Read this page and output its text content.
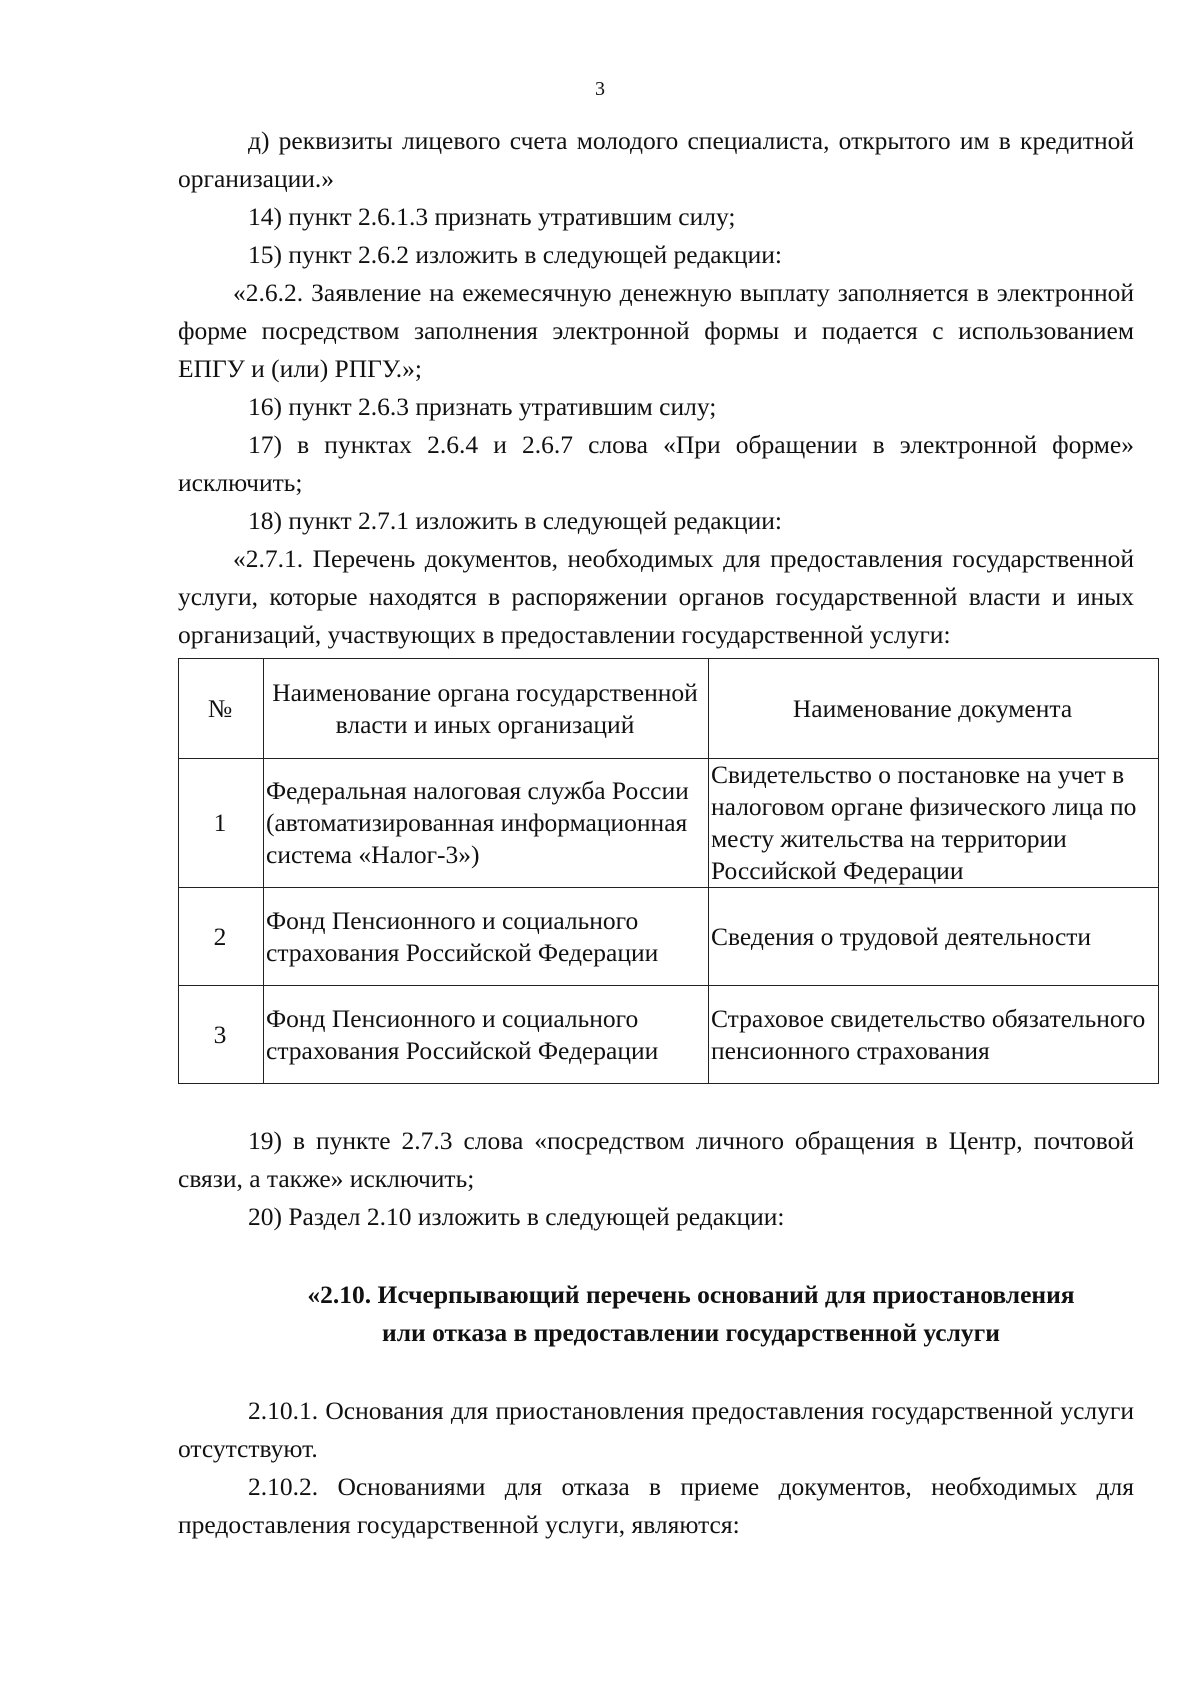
3

д) реквизиты лицевого счета молодого специалиста, открытого им в кредитной организации.»

14) пункт 2.6.1.3 признать утратившим силу;

15) пункт 2.6.2 изложить в следующей редакции:

«2.6.2. Заявление на ежемесячную денежную выплату заполняется в электронной форме посредством заполнения электронной формы и подается с использованием ЕПГУ и (или) РПГУ.»;

16) пункт 2.6.3 признать утратившим силу;

17) в пунктах 2.6.4 и 2.6.7 слова «При обращении в электронной форме» исключить;

18) пункт 2.7.1 изложить в следующей редакции:

«2.7.1. Перечень документов, необходимых для предоставления государственной услуги, которые находятся в распоряжении органов государственной власти и иных организаций, участвующих в предоставлении государственной услуги:

№	Наименование органа государственной власти и иных организаций	Наименование документа
1	Федеральная налоговая служба России (автоматизированная информационная система «Налог-3»)	Свидетельство о постановке на учет в налоговом органе физического лица по месту жительства на территории Российской Федерации
2	Фонд Пенсионного и социального страхования Российской Федерации	Сведения о трудовой деятельности
3	Фонд Пенсионного и социального страхования Российской Федерации	Страховое свидетельство обязательного пенсионного страхования

19) в пункте 2.7.3 слова «посредством личного обращения в Центр, почтовой связи, а также» исключить;

20) Раздел 2.10 изложить в следующей редакции:

«2.10. Исчерпывающий перечень оснований для приостановления
или отказа в предоставлении государственной услуги

2.10.1. Основания для приостановления предоставления государственной услуги отсутствуют.

2.10.2. Основаниями для отказа в приеме документов, необходимых для предоставления государственной услуги, являются:
